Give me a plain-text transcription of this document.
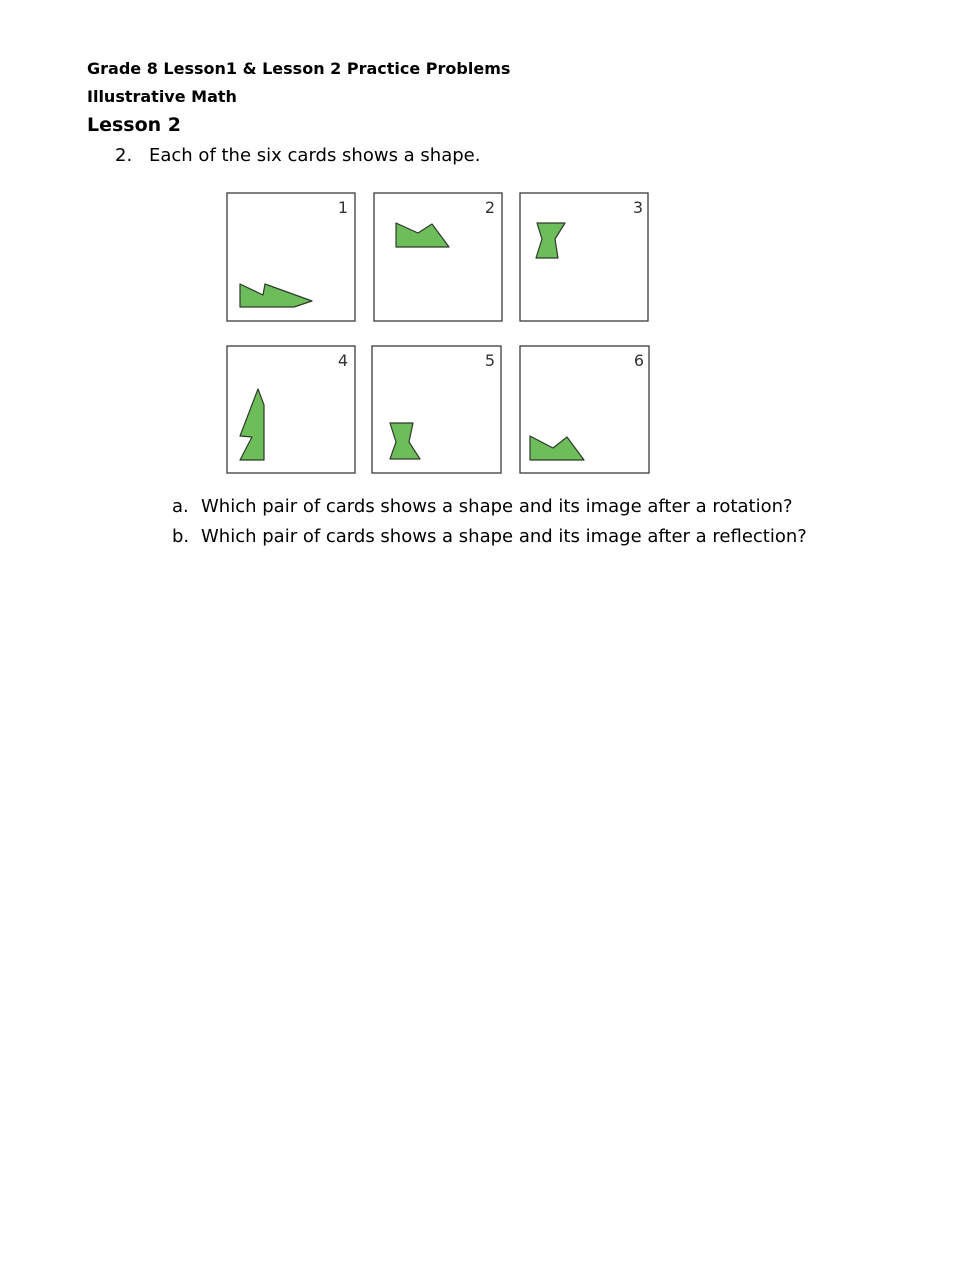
Grade 8 Lesson1 & Lesson 2 Practice Problems
Illustrative Math
Lesson 2
2. Each of the six cards shows a shape.
1	2	3
4	5	6
a. Which pair of cards shows a shape and its image after a rotation?
b. Which pair of cards shows a shape and its image after a reflection?
